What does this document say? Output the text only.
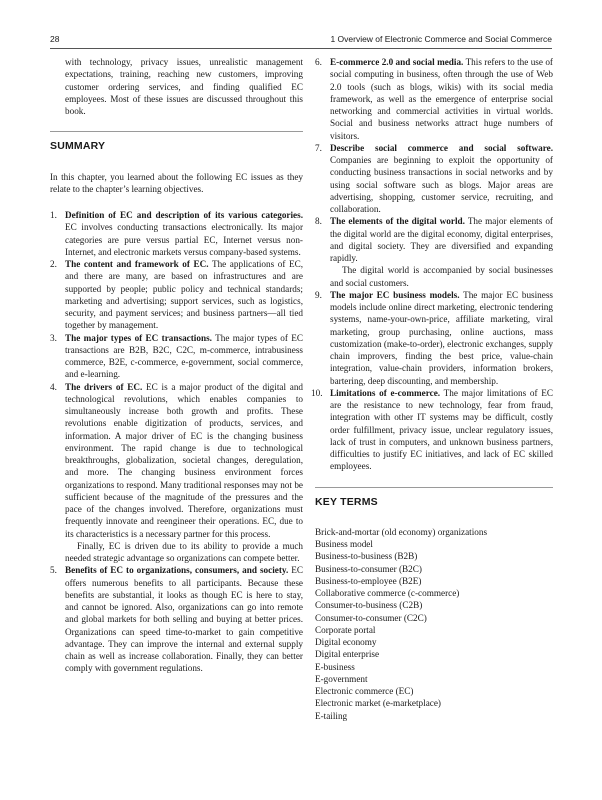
28	1 Overview of Electronic Commerce and Social Commerce

with technology, privacy issues, unrealistic management expectations, training, reaching new customers, improving customer ordering services, and finding qualified EC employees. Most of these issues are discussed throughout this book.

SUMMARY

In this chapter, you learned about the following EC issues as they relate to the chapter’s learning objectives.

1. Definition of EC and description of its various categories. EC involves conducting transactions electronically. Its major categories are pure versus partial EC, Internet versus non-Internet, and electronic markets versus company-based systems.

2. The content and framework of EC. The applications of EC, and there are many, are based on infrastructures and are supported by people; public policy and technical standards; marketing and advertising; support services, such as logistics, security, and payment services; and business partners—all tied together by management.

3. The major types of EC transactions. The major types of EC transactions are B2B, B2C, C2C, m-commerce, intrabusiness commerce, B2E, c-commerce, e-government, social commerce, and e-learning.

4. The drivers of EC. EC is a major product of the digital and technological revolutions, which enables companies to simultaneously increase both growth and profits. These revolutions enable digitization of products, services, and information. A major driver of EC is the changing business environment. The rapid change is due to technological breakthroughs, globalization, societal changes, deregulation, and more. The changing business environment forces organizations to respond. Many traditional responses may not be sufficient because of the magnitude of the pressures and the pace of the changes involved. Therefore, organizations must frequently innovate and reengineer their operations. EC, due to its characteristics is a necessary partner for this process.

Finally, EC is driven due to its ability to provide a much needed strategic advantage so organizations can compete better.

5. Benefits of EC to organizations, consumers, and society. EC offers numerous benefits to all participants. Because these benefits are substantial, it looks as though EC is here to stay, and cannot be ignored. Also, organizations can go into remote and global markets for both selling and buying at better prices. Organizations can speed time-to-market to gain competitive advantage. They can improve the internal and external supply chain as well as increase collaboration. Finally, they can better comply with government regulations.

6. E-commerce 2.0 and social media. This refers to the use of social computing in business, often through the use of Web 2.0 tools (such as blogs, wikis) with its social media framework, as well as the emergence of enterprise social networking and commercial activities in virtual worlds. Social and business networks attract huge numbers of visitors.

7. Describe social commerce and social software. Companies are beginning to exploit the opportunity of conducting business transactions in social networks and by using social software such as blogs. Major areas are advertising, shopping, customer service, recruiting, and collaboration.

8. The elements of the digital world. The major elements of the digital world are the digital economy, digital enterprises, and digital society. They are diversified and expanding rapidly.

The digital world is accompanied by social businesses and social customers.

9. The major EC business models. The major EC business models include online direct marketing, electronic tendering systems, name-your-own-price, affiliate marketing, viral marketing, group purchasing, online auctions, mass customization (make-to-order), electronic exchanges, supply chain improvers, finding the best price, value-chain integration, value-chain providers, information brokers, bartering, deep discounting, and membership.

10. Limitations of e-commerce. The major limitations of EC are the resistance to new technology, fear from fraud, integration with other IT systems may be difficult, costly order fulfillment, privacy issue, unclear regulatory issues, lack of trust in computers, and unknown business partners, difficulties to justify EC initiatives, and lack of EC skilled employees.

KEY TERMS
Brick-and-mortar (old economy) organizations
Business model
Business-to-business (B2B)
Business-to-consumer (B2C)
Business-to-employee (B2E)
Collaborative commerce (c-commerce)
Consumer-to-business (C2B)
Consumer-to-consumer (C2C)
Corporate portal
Digital economy
Digital enterprise
E-business
E-government
Electronic commerce (EC)
Electronic market (e-marketplace)
E-tailing
